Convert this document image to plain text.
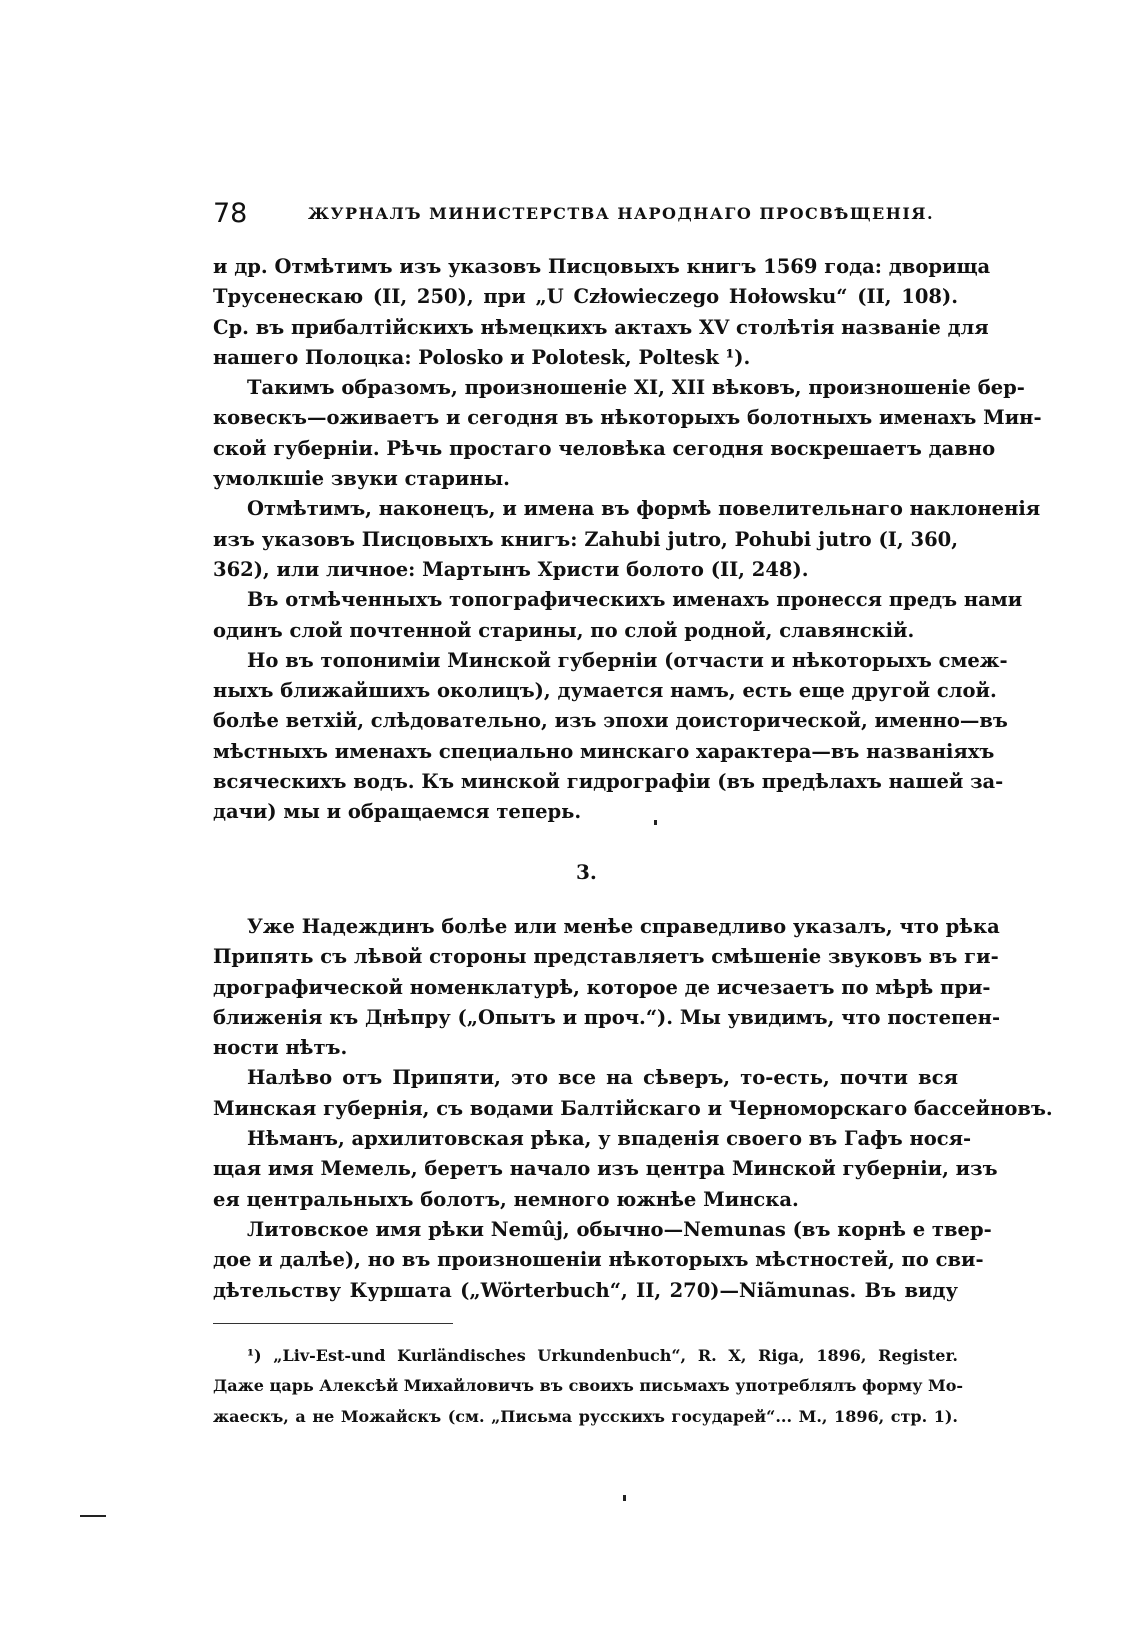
78	ЖУРНАЛЪ МИНИСТЕРСТВА НАРОДНАГО ПРОСВѢЩЕНІЯ.
и др. Отмѣтимъ изъ указовъ Писцовыхъ книгъ 1569 года: дворища
Трусенескаю (II, 250), при „U Człowieczego Hołowsku“ (II, 108).
Ср. въ прибалтійскихъ нѣмецкихъ актахъ XV столѣтія названіе для
нашего Полоцка: Polosko и Polotesk, Poltesk ¹).
Такимъ образомъ, произношеніе XI, XII вѣковъ, произношеніе бер-
ковескъ—оживаетъ и сегодня въ нѣкоторыхъ болотныхъ именахъ Мин-
ской губерніи. Рѣчь простаго человѣка сегодня воскрешаетъ давно
умолкшіе звуки старины.
Отмѣтимъ, наконецъ, и имена въ формѣ повелительнаго наклоненія
изъ указовъ Писцовыхъ книгъ: Zahubi jutro, Pohubi jutro (I, 360,
362), или личное: Мартынъ Христи болото (II, 248).
Въ отмѣченныхъ топографическихъ именахъ пронесся предъ нами
одинъ слой почтенной старины, по слой родной, славянскій.
Но въ топонимiи Минской губерніи (отчасти и нѣкоторыхъ смеж-
ныхъ ближайшихъ околицъ), думается намъ, есть еще другой слой.
болѣе ветхій, слѣдовательно, изъ эпохи доисторической, именно—въ
мѣстныхъ именахъ специально минскаго характера—въ названіяхъ
всяческихъ водъ. Къ минской гидрографіи (въ предѣлахъ нашей за-
дачи) мы и обращаемся теперь.
3.
Уже Надеждинъ болѣе или менѣе справедливо указалъ, что рѣка
Припять съ лѣвой стороны представляетъ смѣшеніе звуковъ въ ги-
дрографической номенклатурѣ, которое де исчезаетъ по мѣрѣ при-
ближенія къ Днѣпру („Опытъ и проч.“). Мы увидимъ, что постепен-
ности нѣтъ.
Налѣво отъ Припяти, это все на сѣверъ, то-есть, почти вся
Минская губернія, съ водами Балтійскаго и Черноморскаго бассейновъ.
Нѣманъ, архилитовская рѣка, у впаденія своего въ Гафъ нося-
щая имя Мемель, беретъ начало изъ центра Минской губерніи, изъ
ея центральныхъ болотъ, немного южнѣе Минска.
Литовское имя рѣки Nemûj, обычно—Nemunas (въ корнѣ е твер-
дое и далѣе), но въ произношеніи нѣкоторыхъ мѣстностей, по сви-
дѣтельству Куршата („Wörterbuch“, II, 270)—Niãmunas. Въ виду
¹) „Liv-Est-und Kurländisches Urkundenbuch“, R. X, Riga, 1896, Register.
Даже царь Алексѣй Михайловичъ въ своихъ письмахъ употреблялъ форму Мо-
жаескъ, а не Можайскъ (см. „Письма русскихъ государей“... М., 1896, стр. 1).
